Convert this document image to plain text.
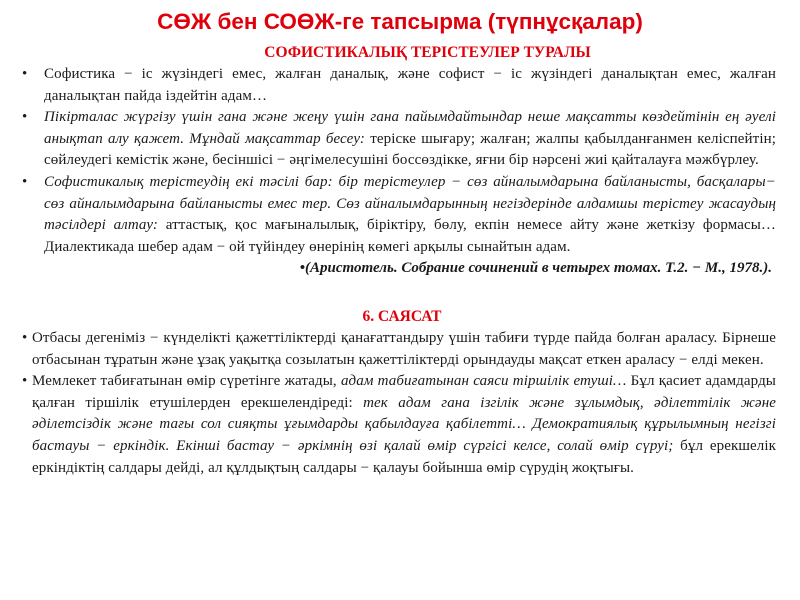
СӨЖ бен СОӨЖ-ге тапсырма (түпнұсқалар)
СОФИСТИКАЛЫҚ ТЕРІСТЕУЛЕР ТУРАЛЫ

• Софистика − іс жүзіндегі емес, жалған даналық, және софист − іс жүзіндегі даналықтан емес, жалған даналықтан пайда іздейтін адам…

• Пікірталас жүргізу үшін гана және жеңу үшін гана пайымдайтындар неше мақсатты көздейтінін ең әуелі анықтап алу қажет. Мұндай мақсаттар бесеу: теріске шығару; жалған; жалпы қабылданғанмен келіспейтін; сөйлеудегі кемістік және, бесіншісі − әңгімелесушіні боссөздікке, яғни бір нәрсені жиі қайталауға мәжбүрлеу.

• Софистикалық терістеудің екі тәсілі бар: бір терістеулер − сөз айналымдарына байланысты, басқалары− сөз айналымдарына байланысты емес тер. Сөз айналымдарынның негіздерінде алдамшы терістеу жасаудың тәсілдері алтау: аттастық, қос мағыналылық, біріктіру, бөлу, екпін немесе айту және жеткізу формасы… Диалектикада шебер адам − ой түйіндеу өнерінің көмегі арқылы сынайтын адам.

•(Аристотель. Собрание сочинений в четырех томах. Т.2. − М., 1978.).

6. САЯСАТ

• Отбасы дегеніміз − күнделікті қажеттіліктерді қанағаттандыру үшін табиғи түрде пайда болған араласу. Бірнеше отбасынан тұратын және ұзақ уақытқа созылатын қажеттіліктерді орындауды мақсат еткен араласу − елді мекен.

• Мемлекет табиғатынан өмір сүретінге жатады, адам табиғатынан саяси тіршілік етуші… Бұл қасиет адамдарды қалған тіршілік етушілерден ерекшелендіреді: тек адам гана ізгілік және зұлымдық, әділеттілік және әділетсіздік және тағы сол сияқты ұғымдарды қабылдауға қабілетті… Демократиялық құрылымның негізгі бастауы − еркіндік. Екінші бастау − әркімнің өзі қалай өмір сүргісі келсе, солай өмір сүруі; бұл ерекшелік еркіндіктің салдары дейді, ал құлдықтың салдары − қалауы бойынша өмір сүрудің жоқтығы.
